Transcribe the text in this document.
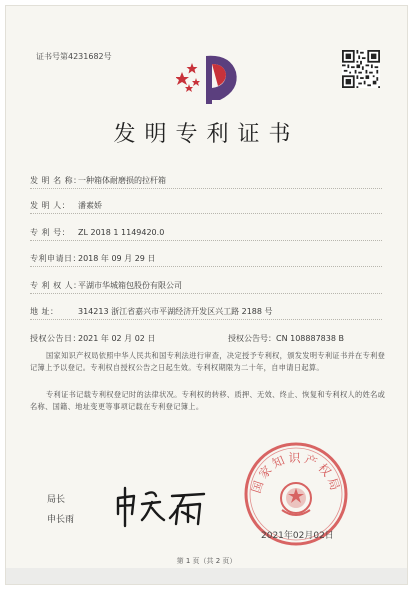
证书号第4231682号
发明专利证书
发 明 名 称：一种箱体耐磨损的拉杆箱
发 明 人： 潘素娇
专 利 号： ZL 2018 1 1149420.0
专利申请日：2018 年 09 月 29 日
专 利 权 人：平湖市华城箱包股份有限公司
地 址： 314213 浙江省嘉兴市平湖经济开发区兴工路 2188 号
授权公告日：2021 年 02 月 02 日	授权公告号：CN 108887838 B
国家知识产权局依照中华人民共和国专利法进行审查，决定授予专利权，颁发发明专利证书并在专利登记簿上予以登记。专利权自授权公告之日起生效。专利权期限为二十年，自申请日起算。
专利证书记载专利权登记时的法律状况。专利权的转移、质押、无效、终止、恢复和专利权人的姓名或名称、国籍、地址变更等事项记载在专利登记簿上。
局长
申长雨
国家知识产权局
2021年02月02日
第 1 页（共 2 页）
